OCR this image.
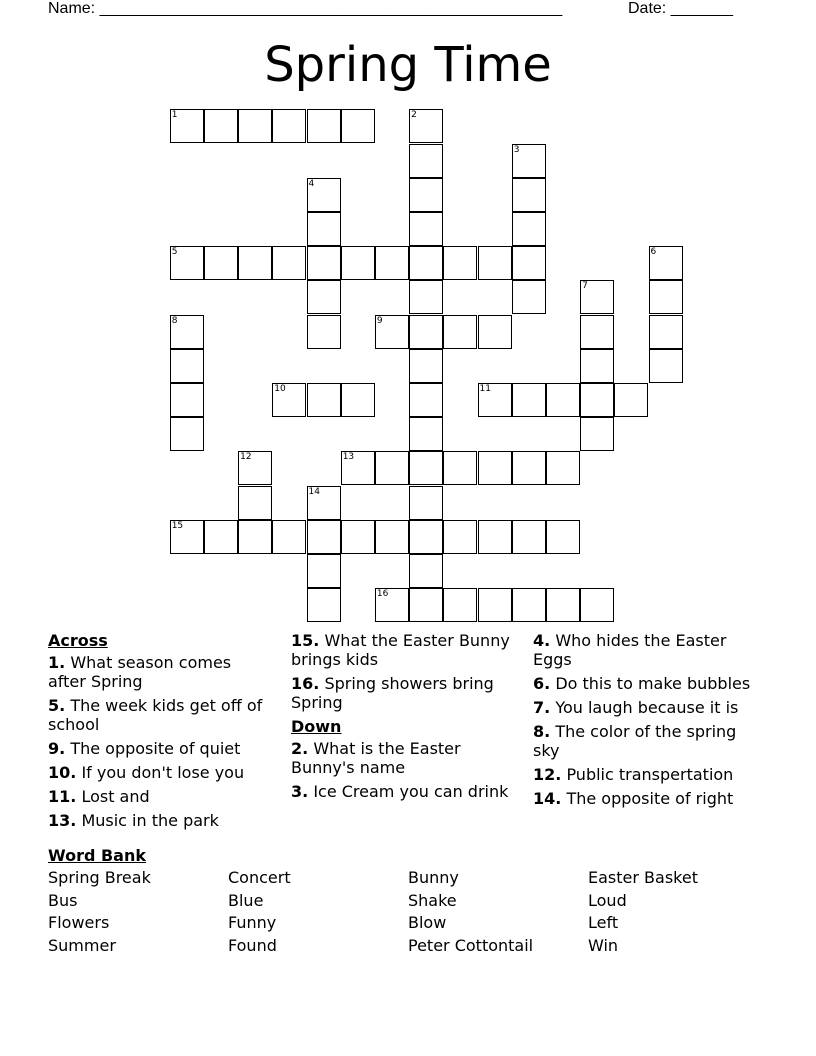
Name: ____________________________________________________	Date: _______
Spring Time
1	2
3
4
5	6
7
8	9
10	11
12	13
14
15
16
Across
1. What season comes after Spring
5. The week kids get off of school
9. The opposite of quiet
10. If you don't lose you
11. Lost and
13. Music in the park
15. What the Easter Bunny brings kids
16. Spring showers bring Spring
Down
2. What is the Easter Bunny's name
3. Ice Cream you can drink
4. Who hides the Easter Eggs
6. Do this to make bubbles
7. You laugh because it is
8. The color of the spring sky
12. Public transpertation
14. The opposite of right
Word Bank
Spring Break	Concert	Bunny	Easter Basket
Bus	Blue	Shake	Loud
Flowers	Funny	Blow	Left
Summer	Found	Peter Cottontail	Win
